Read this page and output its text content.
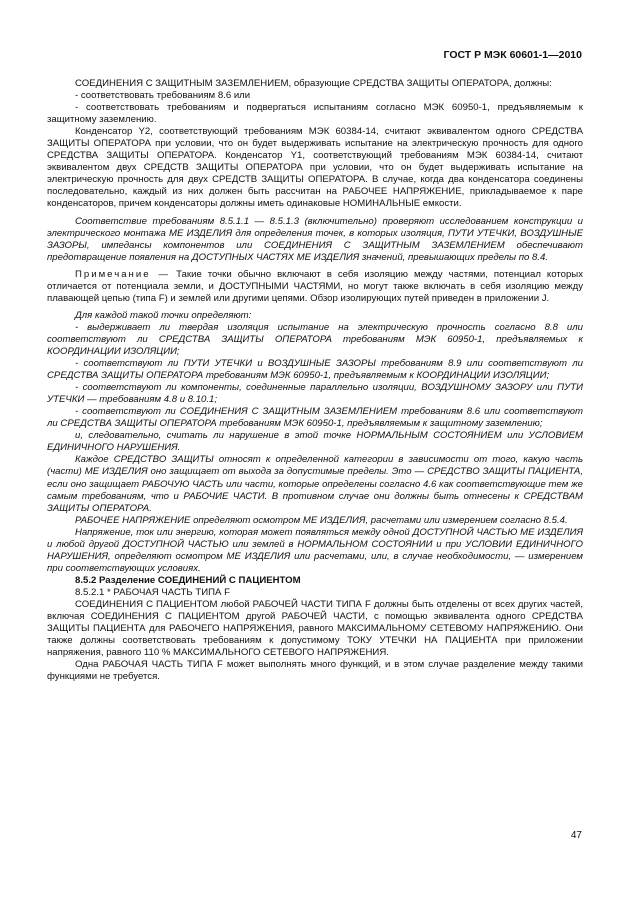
ГОСТ Р МЭК 60601-1—2010

СОЕДИНЕНИЯ С ЗАЩИТНЫМ ЗАЗЕМЛЕНИЕМ, образующие СРЕДСТВА ЗАЩИТЫ ОПЕРАТОРА, должны:

- соответствовать требованиям 8.6 или

- соответствовать требованиям и подвергаться испытаниям согласно МЭК 60950-1, предъявляемым к защитному заземлению.

Конденсатор Y2, соответствующий требованиям МЭК 60384-14, считают эквивалентом одного СРЕДСТВА ЗАЩИТЫ ОПЕРАТОРА при условии, что он будет выдерживать испытание на электрическую прочность для одного СРЕДСТВА ЗАЩИТЫ ОПЕРАТОРА. Конденсатор Y1, соответствующий требованиям МЭК 60384-14, считают эквивалентом двух СРЕДСТВ ЗАЩИТЫ ОПЕРАТОРА при условии, что он будет выдерживать испытание на электрическую прочность для двух СРЕДСТВ ЗАЩИТЫ ОПЕРАТОРА. В случае, когда два конденсатора соединены последовательно, каждый из них должен быть рассчитан на РАБОЧЕЕ НАПРЯЖЕНИЕ, прикладываемое к паре конденсаторов, причем конденсаторы должны иметь одинаковые НОМИНАЛЬНЫЕ емкости.

Соответствие требованиям 8.5.1.1 — 8.5.1.3 (включительно) проверяют исследованием конструкции и электрического монтажа МЕ ИЗДЕЛИЯ для определения точек, в которых изоляция, ПУТИ УТЕЧКИ, ВОЗДУШНЫЕ ЗАЗОРЫ, импедансы компонентов или СОЕДИНЕНИЯ С ЗАЩИТНЫМ ЗАЗЕМЛЕНИЕМ обеспечивают предотвращение появления на ДОСТУПНЫХ ЧАСТЯХ МЕ ИЗДЕЛИЯ значений, превышающих пределы по 8.4.

Примечание — Такие точки обычно включают в себя изоляцию между частями, потенциал которых отличается от потенциала земли, и ДОСТУПНЫМИ ЧАСТЯМИ, но могут также включать в себя изоляцию между плавающей цепью (типа F) и землей или другими цепями. Обзор изолирующих путей приведен в приложении J.

Для каждой такой точки определяют:

- выдерживает ли твердая изоляция испытание на электрическую прочность согласно 8.8 или соответствуют ли СРЕДСТВА ЗАЩИТЫ ОПЕРАТОРА требованиям МЭК 60950-1, предъявляемых к КООРДИНАЦИИ ИЗОЛЯЦИИ;

- соответствуют ли ПУТИ УТЕЧКИ и ВОЗДУШНЫЕ ЗАЗОРЫ требованиям 8.9 или соответствуют ли СРЕДСТВА ЗАЩИТЫ ОПЕРАТОРА требованиям МЭК 60950-1, предъявляемым к КООРДИНАЦИИ ИЗОЛЯЦИИ;

- соответствуют ли компоненты, соединенные параллельно изоляции, ВОЗДУШНОМУ ЗАЗОРУ или ПУТИ УТЕЧКИ — требованиям 4.8 и 8.10.1;

- соответствуют ли СОЕДИНЕНИЯ С ЗАЩИТНЫМ ЗАЗЕМЛЕНИЕМ требованиям 8.6 или соответствуют ли СРЕДСТВА ЗАЩИТЫ ОПЕРАТОРА требованиям МЭК 60950-1, предъявляемым к защитному заземлению;

и, следовательно, считать ли нарушение в этой точке НОРМАЛЬНЫМ СОСТОЯНИЕМ или УСЛОВИЕМ ЕДИНИЧНОГО НАРУШЕНИЯ.

Каждое СРЕДСТВО ЗАЩИТЫ относят к определенной категории в зависимости от того, какую часть (части) МЕ ИЗДЕЛИЯ оно защищает от выхода за допустимые пределы. Это — СРЕДСТВО ЗАЩИТЫ ПАЦИЕНТА, если оно защищает РАБОЧУЮ ЧАСТЬ или части, которые определены согласно 4.6 как соответствующие тем же самым требованиям, что и РАБОЧИЕ ЧАСТИ. В противном случае они должны быть отнесены к СРЕДСТВАМ ЗАЩИТЫ ОПЕРАТОРА.

РАБОЧЕЕ НАПРЯЖЕНИЕ определяют осмотром МЕ ИЗДЕЛИЯ, расчетами или измерением согласно 8.5.4.

Напряжение, ток или энергию, которая может появляться между одной ДОСТУПНОЙ ЧАСТЬЮ МЕ ИЗДЕЛИЯ и любой другой ДОСТУПНОЙ ЧАСТЬЮ или землей в НОРМАЛЬНОМ СОСТОЯНИИ и при УСЛОВИИ ЕДИНИЧНОГО НАРУШЕНИЯ, определяют осмотром МЕ ИЗДЕЛИЯ или расчетами, или, в случае необходимости, — измерением при соответствующих условиях.

8.5.2 Разделение СОЕДИНЕНИЙ С ПАЦИЕНТОМ

8.5.2.1 * РАБОЧАЯ ЧАСТЬ ТИПА F

СОЕДИНЕНИЯ С ПАЦИЕНТОМ любой РАБОЧЕЙ ЧАСТИ ТИПА F должны быть отделены от всех других частей, включая СОЕДИНЕНИЯ С ПАЦИЕНТОМ другой РАБОЧЕЙ ЧАСТИ, с помощью эквивалента одного СРЕДСТВА ЗАЩИТЫ ПАЦИЕНТА для РАБОЧЕГО НАПРЯЖЕНИЯ, равного МАКСИМАЛЬНОМУ СЕТЕВОМУ НАПРЯЖЕНИЮ. Они также должны соответствовать требованиям к допустимому ТОКУ УТЕЧКИ НА ПАЦИЕНТА при приложении напряжения, равного 110 % МАКСИМАЛЬНОГО СЕТЕВОГО НАПРЯЖЕНИЯ.

Одна РАБОЧАЯ ЧАСТЬ ТИПА F может выполнять много функций, и в этом случае разделение между такими функциями не требуется.

47
